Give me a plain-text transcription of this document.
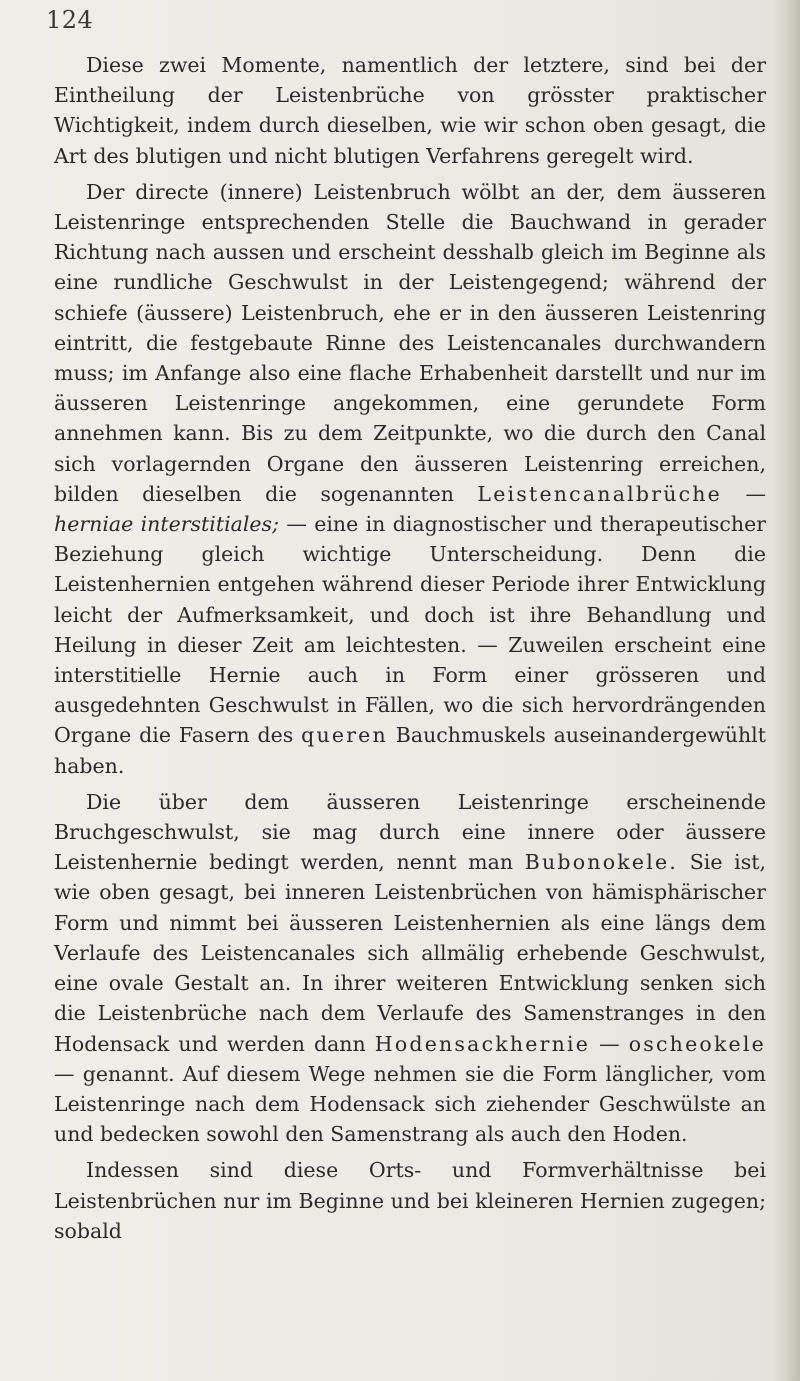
124

Diese zwei Momente, namentlich der letztere, sind bei der Eintheilung der Leistenbrüche von grösster praktischer Wichtigkeit, indem durch dieselben, wie wir schon oben gesagt, die Art des blutigen und nicht blutigen Verfahrens geregelt wird.

Der directe (innere) Leistenbruch wölbt an der, dem äusseren Leistenringe entsprechenden Stelle die Bauchwand in gerader Richtung nach aussen und erscheint desshalb gleich im Beginne als eine rundliche Geschwulst in der Leistengegend; während der schiefe (äussere) Leistenbruch, ehe er in den äusseren Leistenring eintritt, die festgebaute Rinne des Leistencanales durchwandern muss; im Anfange also eine flache Erhabenheit darstellt und nur im äusseren Leistenringe angekommen, eine gerundete Form annehmen kann. Bis zu dem Zeitpunkte, wo die durch den Canal sich vorlagernden Organe den äusseren Leistenring erreichen, bilden dieselben die sogenannten Leistencanalbrüche — herniae interstitiales; — eine in diagnostischer und therapeutischer Beziehung gleich wichtige Unterscheidung. Denn die Leistenhernien entgehen während dieser Periode ihrer Entwicklung leicht der Aufmerksamkeit, und doch ist ihre Behandlung und Heilung in dieser Zeit am leichtesten. — Zuweilen erscheint eine interstitielle Hernie auch in Form einer grösseren und ausgedehnten Geschwulst in Fällen, wo die sich hervordrängenden Organe die Fasern des queren Bauchmuskels auseinandergewühlt haben.

Die über dem äusseren Leistenringe erscheinende Bruchgeschwulst, sie mag durch eine innere oder äussere Leistenhernie bedingt werden, nennt man Bubonokele. Sie ist, wie oben gesagt, bei inneren Leistenbrüchen von hämisphärischer Form und nimmt bei äusseren Leistenhernien als eine längs dem Verlaufe des Leistencanales sich allmälig erhebende Geschwulst, eine ovale Gestalt an. In ihrer weiteren Entwicklung senken sich die Leistenbrüche nach dem Verlaufe des Samenstranges in den Hodensack und werden dann Hodensackhernie — oscheokele — genannt. Auf diesem Wege nehmen sie die Form länglicher, vom Leistenringe nach dem Hodensack sich ziehender Geschwülste an und bedecken sowohl den Samenstrang als auch den Hoden.

Indessen sind diese Orts- und Formverhältnisse bei Leistenbrüchen nur im Beginne und bei kleineren Hernien zugegen; sobald
